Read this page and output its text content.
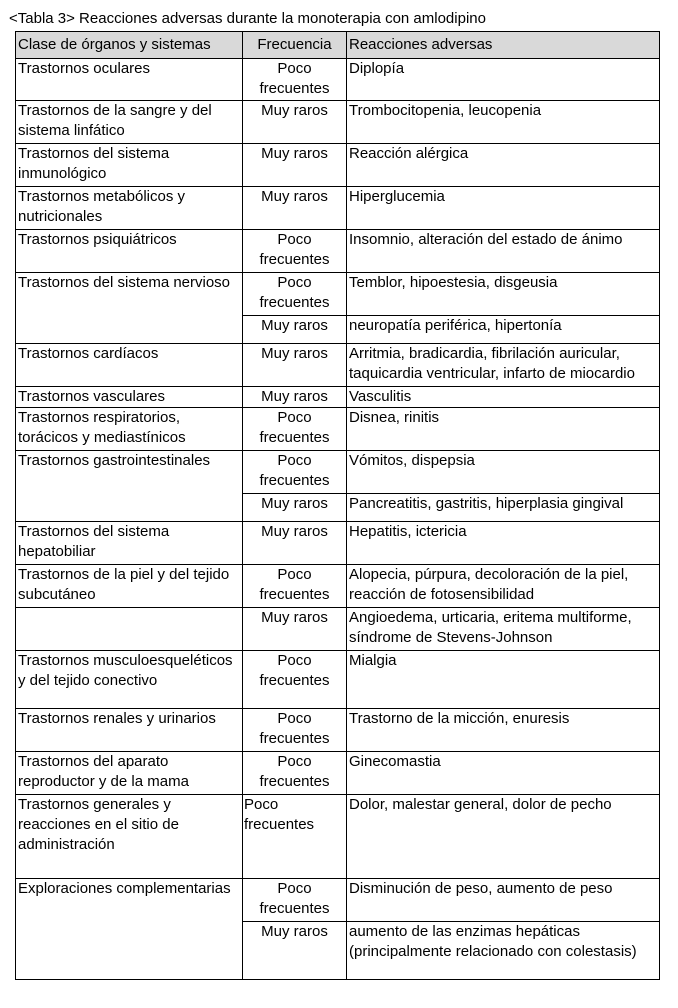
<Tabla 3> Reacciones adversas durante la monoterapia con amlodipino
Clase de órganos y sistemas	Frecuencia	Reacciones adversas
Trastornos oculares	Poco frecuentes	Diplopía
Trastornos de la sangre y del sistema linfático	Muy raros	Trombocitopenia, leucopenia
Trastornos del sistema inmunológico	Muy raros	Reacción alérgica
Trastornos metabólicos y nutricionales	Muy raros	Hiperglucemia
Trastornos psiquiátricos	Poco frecuentes	Insomnio, alteración del estado de ánimo
Trastornos del sistema nervioso	Poco frecuentes	Temblor, hipoestesia, disgeusia
	Muy raros	neuropatía periférica, hipertonía
Trastornos cardíacos	Muy raros	Arritmia, bradicardia, fibrilación auricular, taquicardia ventricular, infarto de miocardio
Trastornos vasculares	Muy raros	Vasculitis
Trastornos respiratorios, torácicos y mediastínicos	Poco frecuentes	Disnea, rinitis
Trastornos gastrointestinales	Poco frecuentes	Vómitos, dispepsia
	Muy raros	Pancreatitis, gastritis, hiperplasia gingival
Trastornos del sistema hepatobiliar	Muy raros	Hepatitis, ictericia
Trastornos de la piel y del tejido subcutáneo	Poco frecuentes	Alopecia, púrpura, decoloración de la piel, reacción de fotosensibilidad
	Muy raros	Angioedema, urticaria, eritema multiforme, síndrome de Stevens-Johnson
Trastornos musculoesqueléticos y del tejido conectivo	Poco frecuentes	Mialgia
Trastornos renales y urinarios	Poco frecuentes	Trastorno de la micción, enuresis
Trastornos del aparato reproductor y de la mama	Poco frecuentes	Ginecomastia
Trastornos generales y reacciones en el sitio de administración	Poco frecuentes	Dolor, malestar general, dolor de pecho
Exploraciones complementarias	Poco frecuentes	Disminución de peso, aumento de peso
	Muy raros	aumento de las enzimas hepáticas (principalmente relacionado con colestasis)
